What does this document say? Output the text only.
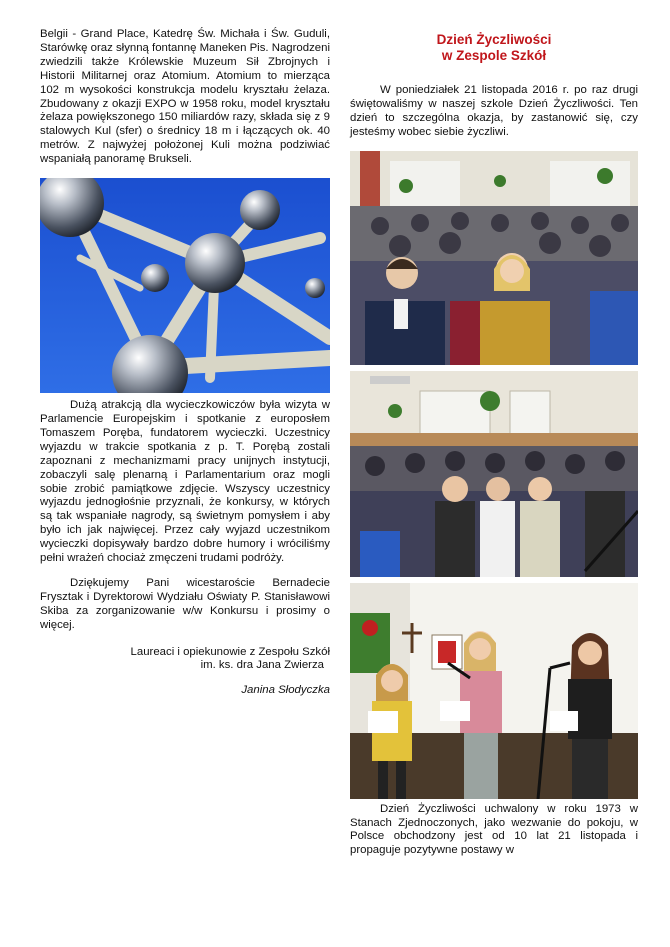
Belgii - Grand Place, Katedrę Św. Michała i Św. Guduli, Starówkę oraz słynną fontannę Maneken Pis. Nagrodzeni zwiedzili także Królewskie Muzeum Sił Zbrojnych i Historii Militarnej oraz Atomium. Atomium to mierząca 102 m wysokości konstrukcja modelu kryształu żelaza. Zbudowany z okazji EXPO w 1958 roku, model kryształu żelaza powiększonego 150 miliardów razy, składa się z 9 stalowych Kul (sfer) o średnicy 18 m i łączących ok. 40 metrów. Z najwyżej położonej Kuli można podziwiać wspaniałą panoramę Brukseli.

Dużą atrakcją dla wycieczkowiczów była wizyta w Parlamencie Europejskim i spotkanie z europosłem Tomaszem Poręba, fundatorem wycieczki. Uczestnicy wyjazdu w trakcie spotkania z p. T. Porębą zostali zapoznani z mechanizmami pracy unijnych instytucji, zobaczyli salę plenarną i Parlamentarium oraz mogli sobie zrobić pamiątkowe zdjęcie. Wszyscy uczestnicy wyjazdu jednogłośnie przyznali, że konkursy, w których są tak wspaniałe nagrody, są świetnym pomysłem i aby było ich jak najwięcej. Przez cały wyjazd uczestnikom wycieczki dopisywały bardzo dobre humory i wróciliśmy pełni wrażeń chociaż zmęczeni trudami podróży.

Dziękujemy Pani wicestaroście Bernadecie Frysztak i Dyrektorowi Wydziału Oświaty P. Stanisławowi Skiba za zorganizowanie w/w Konkursu i prosimy o więcej.

Laureaci i opiekunowie z Zespołu Szkół

im. ks. dra Jana Zwierza

Janina Słodyczka

Dzień Życzliwości
w Zespole Szkół

W poniedziałek 21 listopada 2016 r. po raz drugi świętowaliśmy w naszej szkole Dzień Życzliwości. Ten dzień to szczególna okazja, by zastanowić się, czy jesteśmy wobec siebie życzliwi.

Dzień Życzliwości uchwalony w roku 1973 w Stanach Zjednoczonych, jako wezwanie do pokoju, w Polsce obchodzony jest od 10 lat 21 listopada i propaguje pozytywne postawy w
